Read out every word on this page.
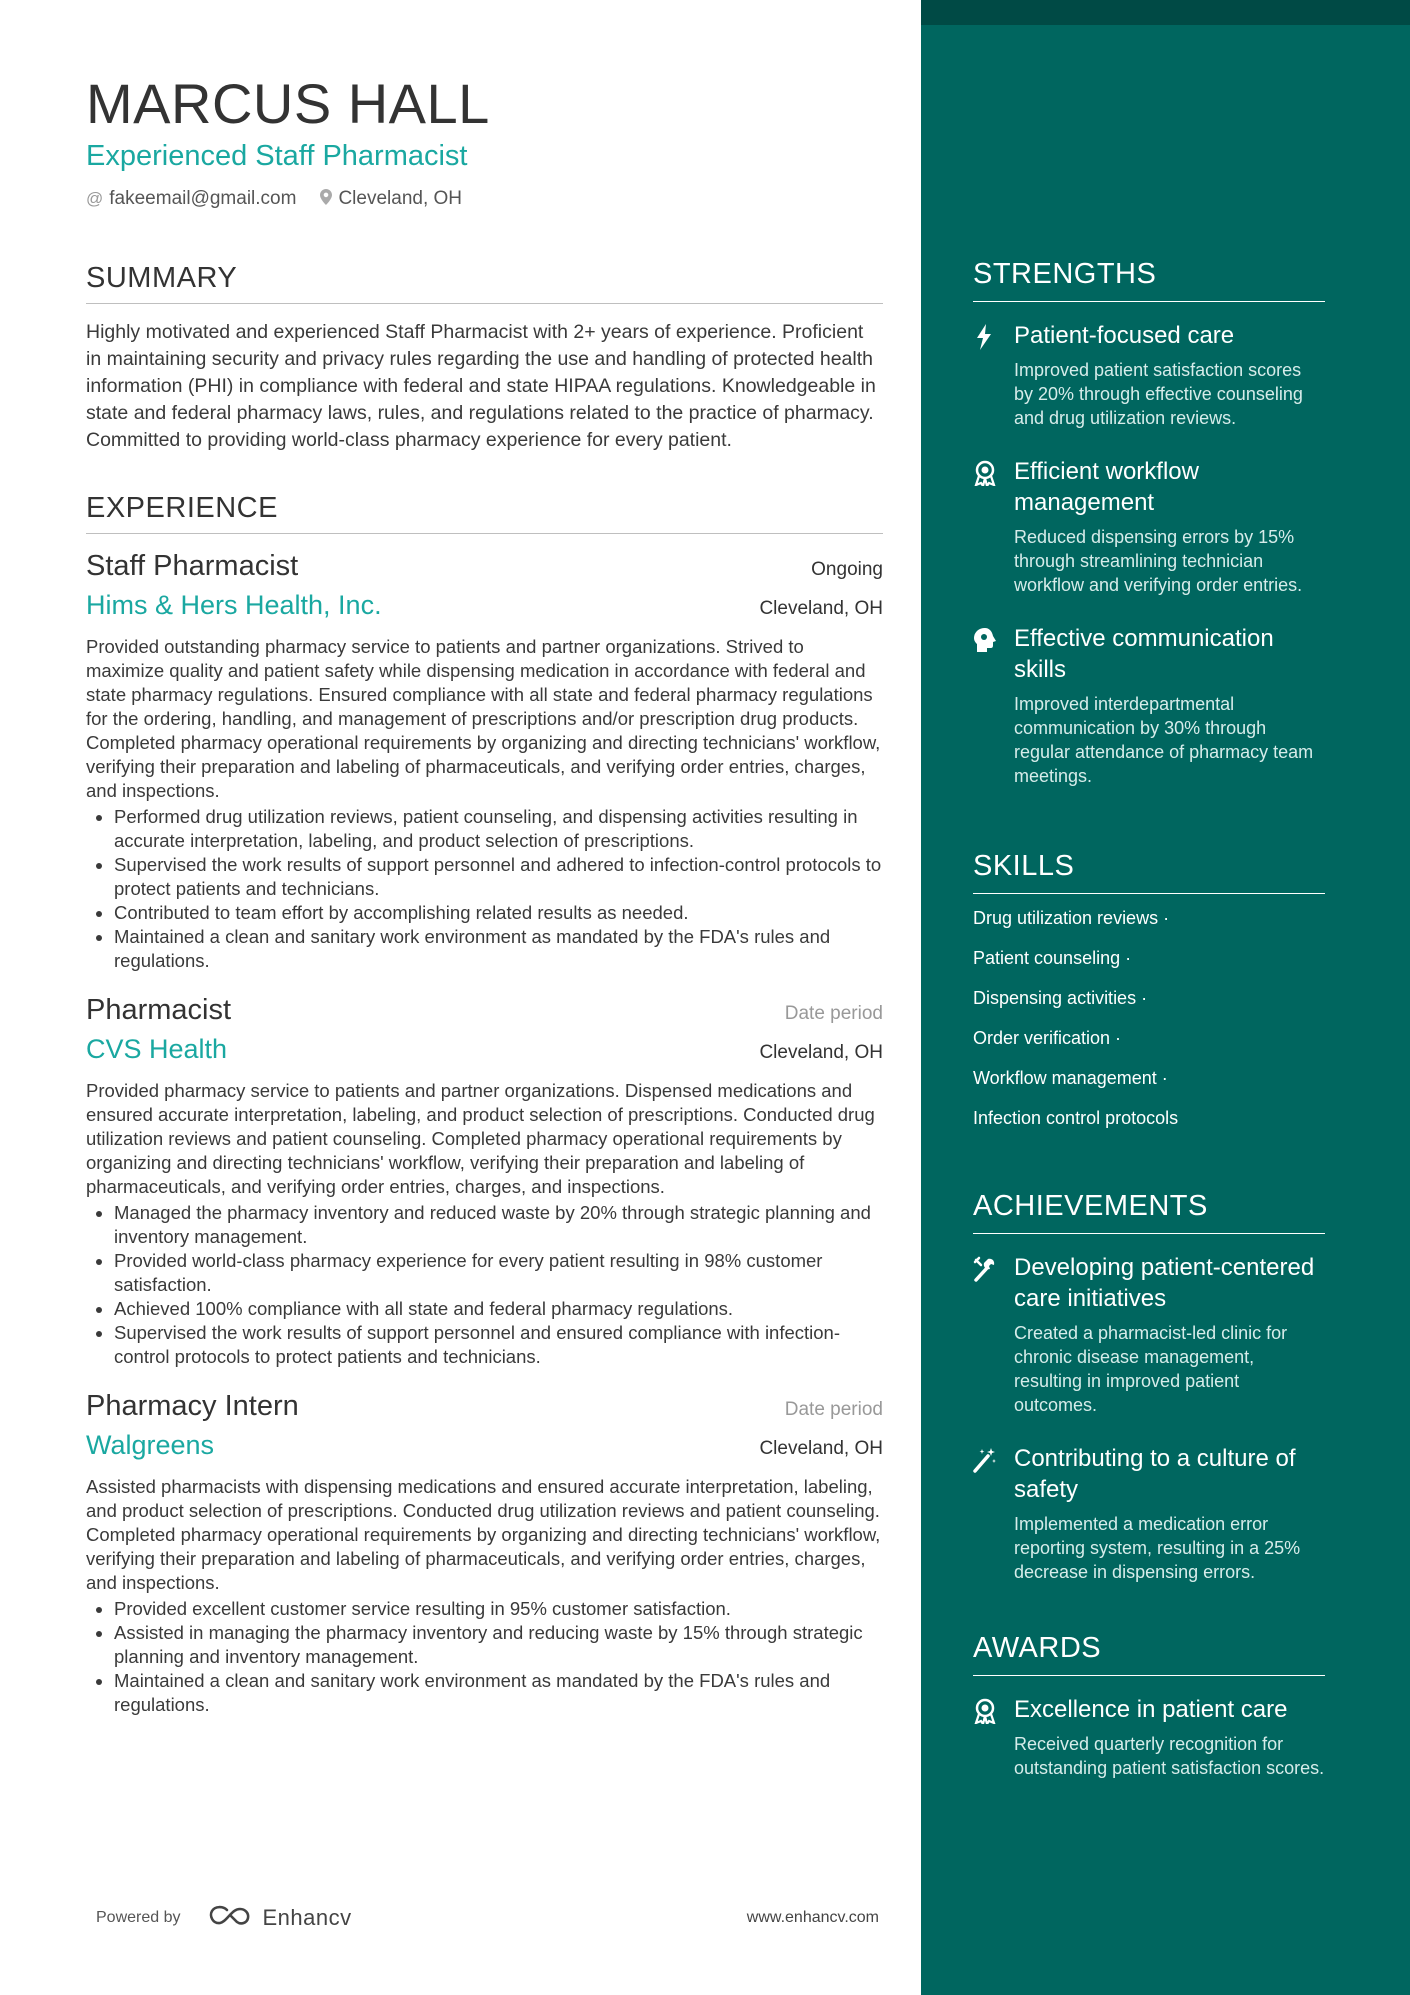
MARCUS HALL
Experienced Staff Pharmacist
@ fakeemail@gmail.com Cleveland, OH
SUMMARY
Highly motivated and experienced Staff Pharmacist with 2+ years of experience. Proficient in maintaining security and privacy rules regarding the use and handling of protected health information (PHI) in compliance with federal and state HIPAA regulations. Knowledgeable in state and federal pharmacy laws, rules, and regulations related to the practice of pharmacy. Committed to providing world-class pharmacy experience for every patient.
EXPERIENCE
Staff Pharmacist	Ongoing
Hims & Hers Health, Inc.	Cleveland, OH
Provided outstanding pharmacy service to patients and partner organizations. Strived to maximize quality and patient safety while dispensing medication in accordance with federal and state pharmacy regulations. Ensured compliance with all state and federal pharmacy regulations for the ordering, handling, and management of prescriptions and/or prescription drug products. Completed pharmacy operational requirements by organizing and directing technicians' workflow, verifying their preparation and labeling of pharmaceuticals, and verifying order entries, charges, and inspections.
• Performed drug utilization reviews, patient counseling, and dispensing activities resulting in accurate interpretation, labeling, and product selection of prescriptions.
• Supervised the work results of support personnel and adhered to infection-control protocols to protect patients and technicians.
• Contributed to team effort by accomplishing related results as needed.
• Maintained a clean and sanitary work environment as mandated by the FDA's rules and regulations.
Pharmacist	Date period
CVS Health	Cleveland, OH
Provided pharmacy service to patients and partner organizations. Dispensed medications and ensured accurate interpretation, labeling, and product selection of prescriptions. Conducted drug utilization reviews and patient counseling. Completed pharmacy operational requirements by organizing and directing technicians' workflow, verifying their preparation and labeling of pharmaceuticals, and verifying order entries, charges, and inspections.
• Managed the pharmacy inventory and reduced waste by 20% through strategic planning and inventory management.
• Provided world-class pharmacy experience for every patient resulting in 98% customer satisfaction.
• Achieved 100% compliance with all state and federal pharmacy regulations.
• Supervised the work results of support personnel and ensured compliance with infection-control protocols to protect patients and technicians.
Pharmacy Intern	Date period
Walgreens	Cleveland, OH
Assisted pharmacists with dispensing medications and ensured accurate interpretation, labeling, and product selection of prescriptions. Conducted drug utilization reviews and patient counseling. Completed pharmacy operational requirements by organizing and directing technicians' workflow, verifying their preparation and labeling of pharmaceuticals, and verifying order entries, charges, and inspections.
• Provided excellent customer service resulting in 95% customer satisfaction.
• Assisted in managing the pharmacy inventory and reducing waste by 15% through strategic planning and inventory management.
• Maintained a clean and sanitary work environment as mandated by the FDA's rules and regulations.
STRENGTHS
Patient-focused care
Improved patient satisfaction scores by 20% through effective counseling and drug utilization reviews.
Efficient workflow management
Reduced dispensing errors by 15% through streamlining technician workflow and verifying order entries.
Effective communication skills
Improved interdepartmental communication by 30% through regular attendance of pharmacy team meetings.
SKILLS
Drug utilization reviews ·
Patient counseling ·
Dispensing activities ·
Order verification ·
Workflow management ·
Infection control protocols
ACHIEVEMENTS
Developing patient-centered care initiatives
Created a pharmacist-led clinic for chronic disease management, resulting in improved patient outcomes.
Contributing to a culture of safety
Implemented a medication error reporting system, resulting in a 25% decrease in dispensing errors.
AWARDS
Excellence in patient care
Received quarterly recognition for outstanding patient satisfaction scores.
Powered by	Enhancv	www.enhancv.com
